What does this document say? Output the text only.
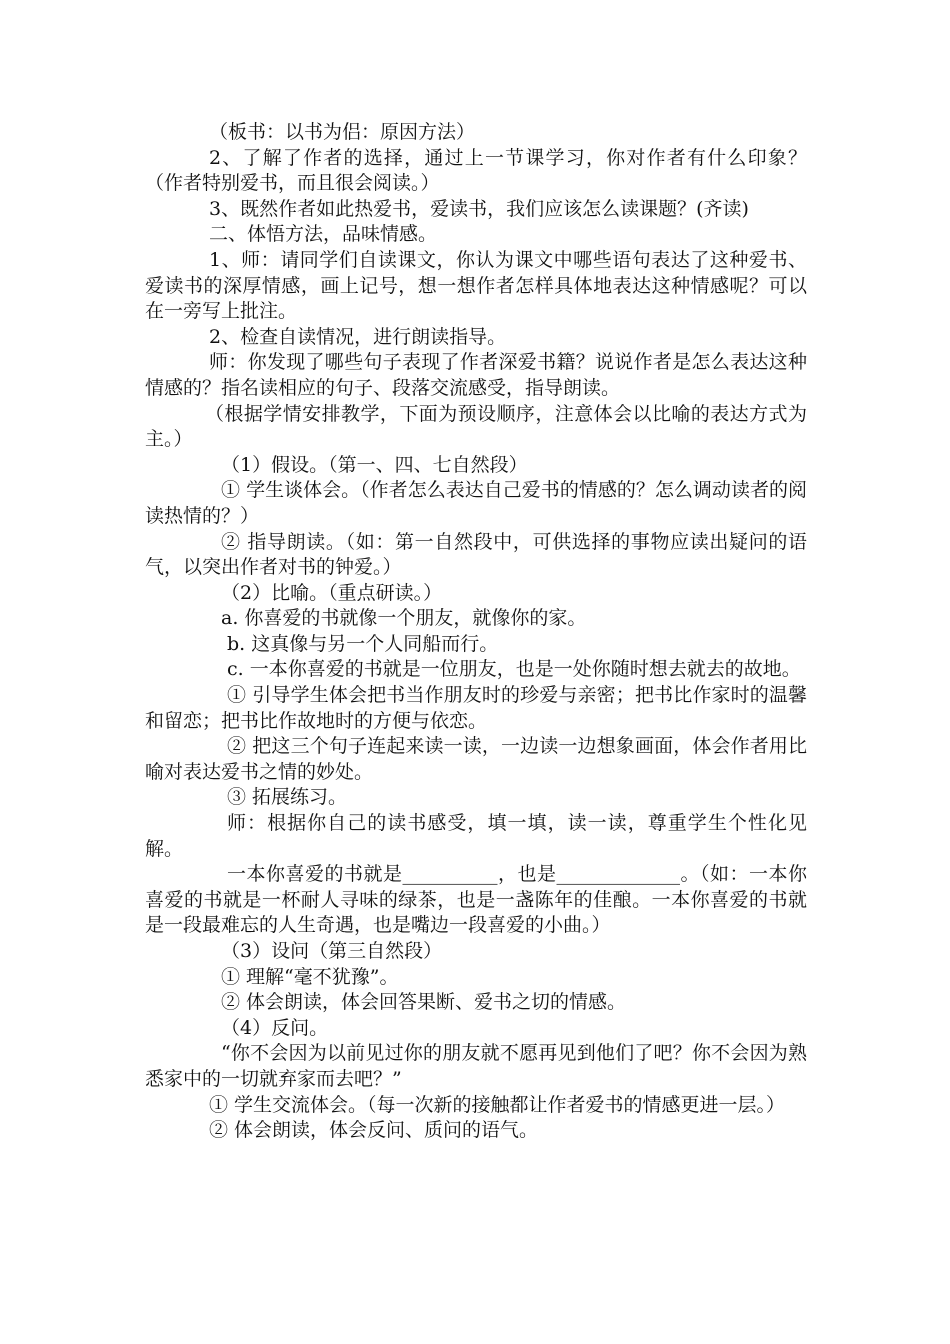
（板书：以书为侣：原因方法）

2、了解了作者的选择，通过上一节课学习，你对作者有什么印象？（作者特别爱书，而且很会阅读。）

3、既然作者如此热爱书，爱读书，我们应该怎么读课题？(齐读)

二、体悟方法，品味情感。

1、师：请同学们自读课文，你认为课文中哪些语句表达了这种爱书、爱读书的深厚情感，画上记号，想一想作者怎样具体地表达这种情感呢？可以在一旁写上批注。

2、检查自读情况，进行朗读指导。

师：你发现了哪些句子表现了作者深爱书籍？说说作者是怎么表达这种情感的？指名读相应的句子、段落交流感受，指导朗读。

（根据学情安排教学，下面为预设顺序，注意体会以比喻的表达方式为主。）

（1）假设。（第一、四、七自然段）

① 学生谈体会。（作者怎么表达自己爱书的情感的？怎么调动读者的阅读热情的？）

② 指导朗读。（如：第一自然段中，可供选择的事物应读出疑问的语气，以突出作者对书的钟爱。）

（2）比喻。（重点研读。）

a. 你喜爱的书就像一个朋友，就像你的家。

b. 这真像与另一个人同船而行。

c. 一本你喜爱的书就是一位朋友，也是一处你随时想去就去的故地。

① 引导学生体会把书当作朋友时的珍爱与亲密；把书比作家时的温馨和留恋；把书比作故地时的方便与依恋。

② 把这三个句子连起来读一读，一边读一边想象画面，体会作者用比喻对表达爱书之情的妙处。

③ 拓展练习。

师：根据你自己的读书感受，填一填，读一读，尊重学生个性化见解。

一本你喜爱的书就是__________，也是_____________。（如：一本你喜爱的书就是一杯耐人寻味的绿茶，也是一盏陈年的佳酿。一本你喜爱的书就是一段最难忘的人生奇遇，也是嘴边一段喜爱的小曲。）

（3）设问（第三自然段）

① 理解“毫不犹豫”。

② 体会朗读，体会回答果断、爱书之切的情感。

（4）反问。

“你不会因为以前见过你的朋友就不愿再见到他们了吧？你不会因为熟悉家中的一切就弃家而去吧？”

① 学生交流体会。（每一次新的接触都让作者爱书的情感更进一层。）

② 体会朗读，体会反问、质问的语气。
